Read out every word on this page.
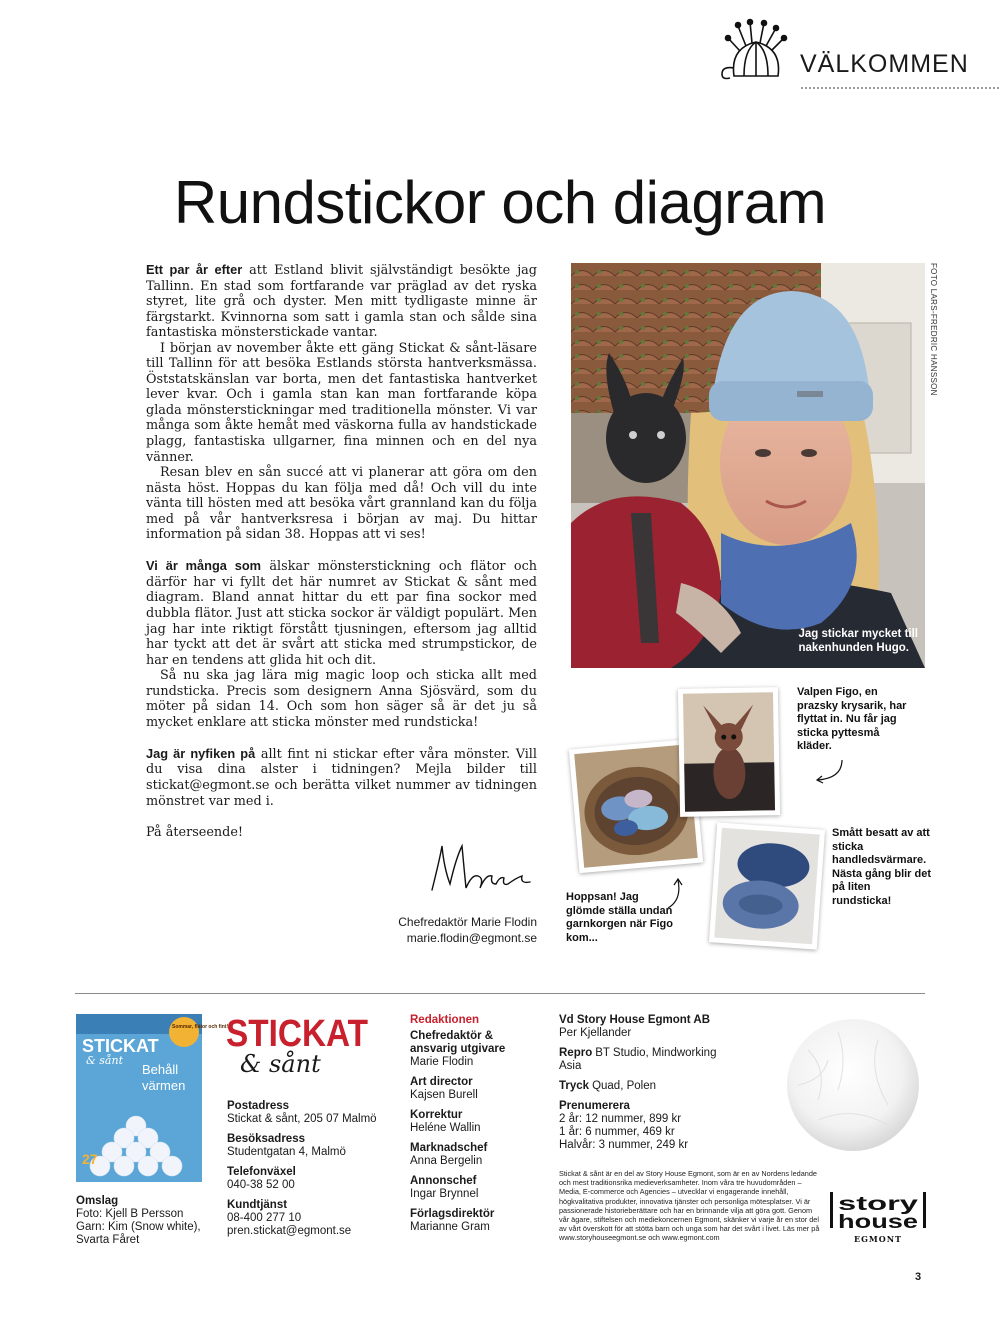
VÄLKOMMEN
Rundstickor och diagram

Ett par år efter att Estland blivit självständigt besökte jag Tallinn. En stad som fortfarande var präglad av det ryska styret, lite grå och dyster. Men mitt tydligaste minne är färgstarkt. Kvinnorna som satt i gamla stan och sålde sina fantastiska mönsterstickade vantar.

I början av november åkte ett gäng Stickat & sånt-läsare till Tallinn för att besöka Estlands största hantverksmässa. Öststatskänslan var borta, men det fantastiska hantverket lever kvar. Och i gamla stan kan man fortfarande köpa glada mönsterstickningar med traditionella mönster. Vi var många som åkte hemåt med väskorna fulla av handstickade plagg, fantastiska ullgarner, fina minnen och en del nya vänner.

Resan blev en sån succé att vi planerar att göra om den nästa höst. Hoppas du kan följa med då! Och vill du inte vänta till hösten med att besöka vårt grannland kan du följa med på vår hantverksresa i början av maj. Du hittar information på sidan 38. Hoppas att vi ses!

Vi är många som älskar mönsterstickning och flätor och därför har vi fyllt det här numret av Stickat & sånt med diagram. Bland annat hittar du ett par fina sockor med dubbla flätor. Just att sticka sockor är väldigt populärt. Men jag har inte riktigt förstått tjusningen, eftersom jag alltid har tyckt att det är svårt att sticka med strumpstickor, de har en tendens att glida hit och dit.

Så nu ska jag lära mig magic loop och sticka allt med rundsticka. Precis som designern Anna Sjösvärd, som du möter på sidan 14. Och som hon säger så är det ju så mycket enklare att sticka mönster med rundsticka!

Jag är nyfiken på allt fint ni stickar efter våra mönster. Vill du visa dina alster i tidningen? Mejla bilder till stickat@egmont.se och berätta vilket nummer av tidningen mönstret var med i.

På återseende!

Chefredaktör Marie Flodin
marie.flodin@egmont.se
Jag stickar mycket till
nakenhunden Hugo.
FOTO LARS-FREDRIC HANSSON
Valpen Figo, en prazsky krysarik, har flyttat in. Nu får jag sticka pyttesmå kläder.
Hoppsan! Jag glömde ställa undan garnkorgen när Figo kom...
Smått besatt av att sticka handledsvärmare. Nästa gång blir det på liten rundsticka!
STICKAT
& sånt
Sommar, flätor och fint!
Behåll
värmen
27
Omslag
Foto: Kjell B Persson
Garn: Kim (Snow white),
Svarta Fåret
STICKAT
& sånt
Postadress
Stickat & sånt, 205 07 Malmö
Besöksadress
Studentgatan 4, Malmö
Telefonväxel
040-38 52 00
Kundtjänst
08-400 277 10
pren.stickat@egmont.se
Redaktionen
Chefredaktör & ansvarig utgivare
Marie Flodin
Art director
Kajsen Burell
Korrektur
Heléne Wallin
Marknadschef
Anna Bergelin
Annonschef
Ingar Brynnel
Förlagsdirektör
Marianne Gram
Vd Story House Egmont AB
Per Kjellander
Repro BT Studio, Mindworking Asia
Tryck Quad, Polen
Prenumerera
2 år: 12 nummer, 899 kr
1 år: 6 nummer, 469 kr
Halvår: 3 nummer, 249 kr
Stickat & sånt är en del av Story House Egmont, som är en av Nordens ledande och mest traditionsrika medieverksamheter. Inom våra tre huvudområden – Media, E-commerce och Agencies – utvecklar vi engagerande innehåll, högkvalitativa produkter, innovativa tjänster och personliga mötesplatser. Vi är passionerade historieberättare och har en brinnande vilja att göra gott. Genom vår ägare, stiftelsen och mediekoncernen Egmont, skänker vi varje år en stor del av vårt överskott för att stötta barn och unga som har det svårt i livet. Läs mer på www.storyhouseegmont.se och www.egmont.com
story
house
EGMONT
3
